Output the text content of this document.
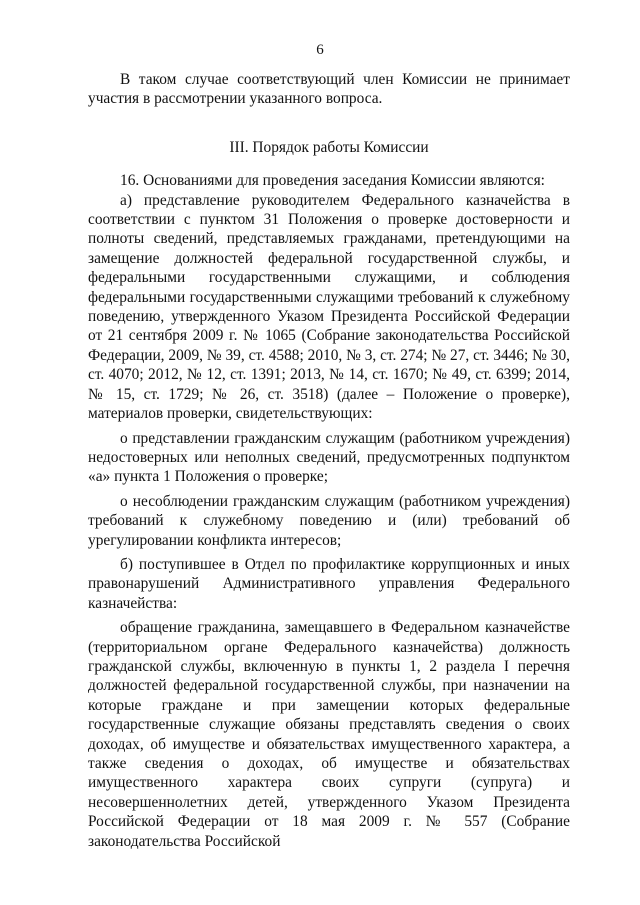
6

В таком случае соответствующий член Комиссии не принимает участия в рассмотрении указанного вопроса.

III. Порядок работы Комиссии

16. Основаниями для проведения заседания Комиссии являются:

а) представление руководителем Федерального казначейства в соответствии с пунктом 31 Положения о проверке достоверности и полноты сведений, представляемых гражданами, претендующими на замещение должностей федеральной государственной службы, и федеральными государственными служащими, и соблюдения федеральными государственными служащими требований к служебному поведению, утвержденного Указом Президента Российской Федерации от 21 сентября 2009 г. № 1065 (Собрание законодательства Российской Федерации, 2009, № 39, ст. 4588; 2010, № 3, ст. 274; № 27, ст. 3446; № 30, ст. 4070; 2012, № 12, ст. 1391; 2013, № 14, ст. 1670; № 49, ст. 6399; 2014, № 15, ст. 1729; № 26, ст. 3518) (далее – Положение о проверке), материалов проверки, свидетельствующих:

о представлении гражданским служащим (работником учреждения) недостоверных или неполных сведений, предусмотренных подпунктом «а» пункта 1 Положения о проверке;

о несоблюдении гражданским служащим (работником учреждения) требований к служебному поведению и (или) требований об урегулировании конфликта интересов;

б) поступившее в Отдел по профилактике коррупционных и иных правонарушений Административного управления Федерального казначейства:

обращение гражданина, замещавшего в Федеральном казначействе (территориальном органе Федерального казначейства) должность гражданской службы, включенную в пункты 1, 2 раздела I перечня должностей федеральной государственной службы, при назначении на которые граждане и при замещении которых федеральные государственные служащие обязаны представлять сведения о своих доходах, об имуществе и обязательствах имущественного характера, а также сведения о доходах, об имуществе и обязательствах имущественного характера своих супруги (супруга) и несовершеннолетних детей, утвержденного Указом Президента Российской Федерации от 18 мая 2009 г. № 557 (Собрание законодательства Российской
